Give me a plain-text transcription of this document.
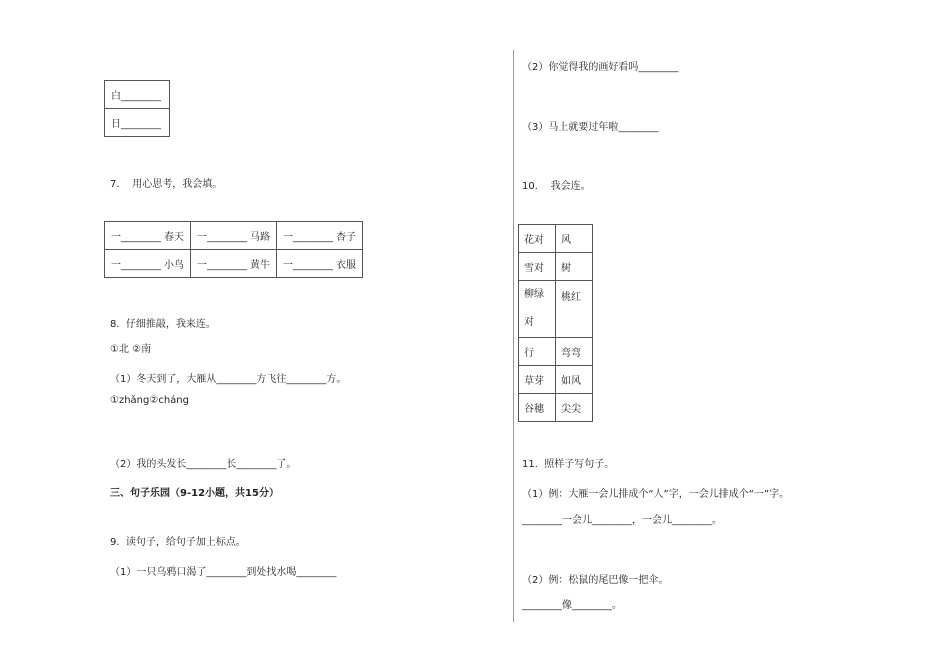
白________
日________
7.    用心思考，我会填。
一________ 春天	一________ 马路	一________ 杏子

一________ 小鸟	一________ 黄牛	一________ 衣服
8.  仔细推敲，我来连。
①北 ②南
（1）冬天到了，大雁从________方飞往________方。
①zhǎng②cháng
（2）我的头发长________长________了。
三、句子乐园（9-12小题，共15分）
9.  读句子，给句子加上标点。
（1）一只乌鸦口渴了________到处找水喝________
（2）你觉得我的画好看吗________
（3）马上就要过年啦________
10.    我会连。
花对	风
雪对	树
柳绿对	桃红
行	弯弯
草芽	如风
谷穗	尖尖
11.  照样子写句子。
（1）例：大雁一会儿排成个“人”字，一会儿排成个“一”字。
________一会儿________，一会儿________。
（2）例：松鼠的尾巴像一把伞。
________像________。
